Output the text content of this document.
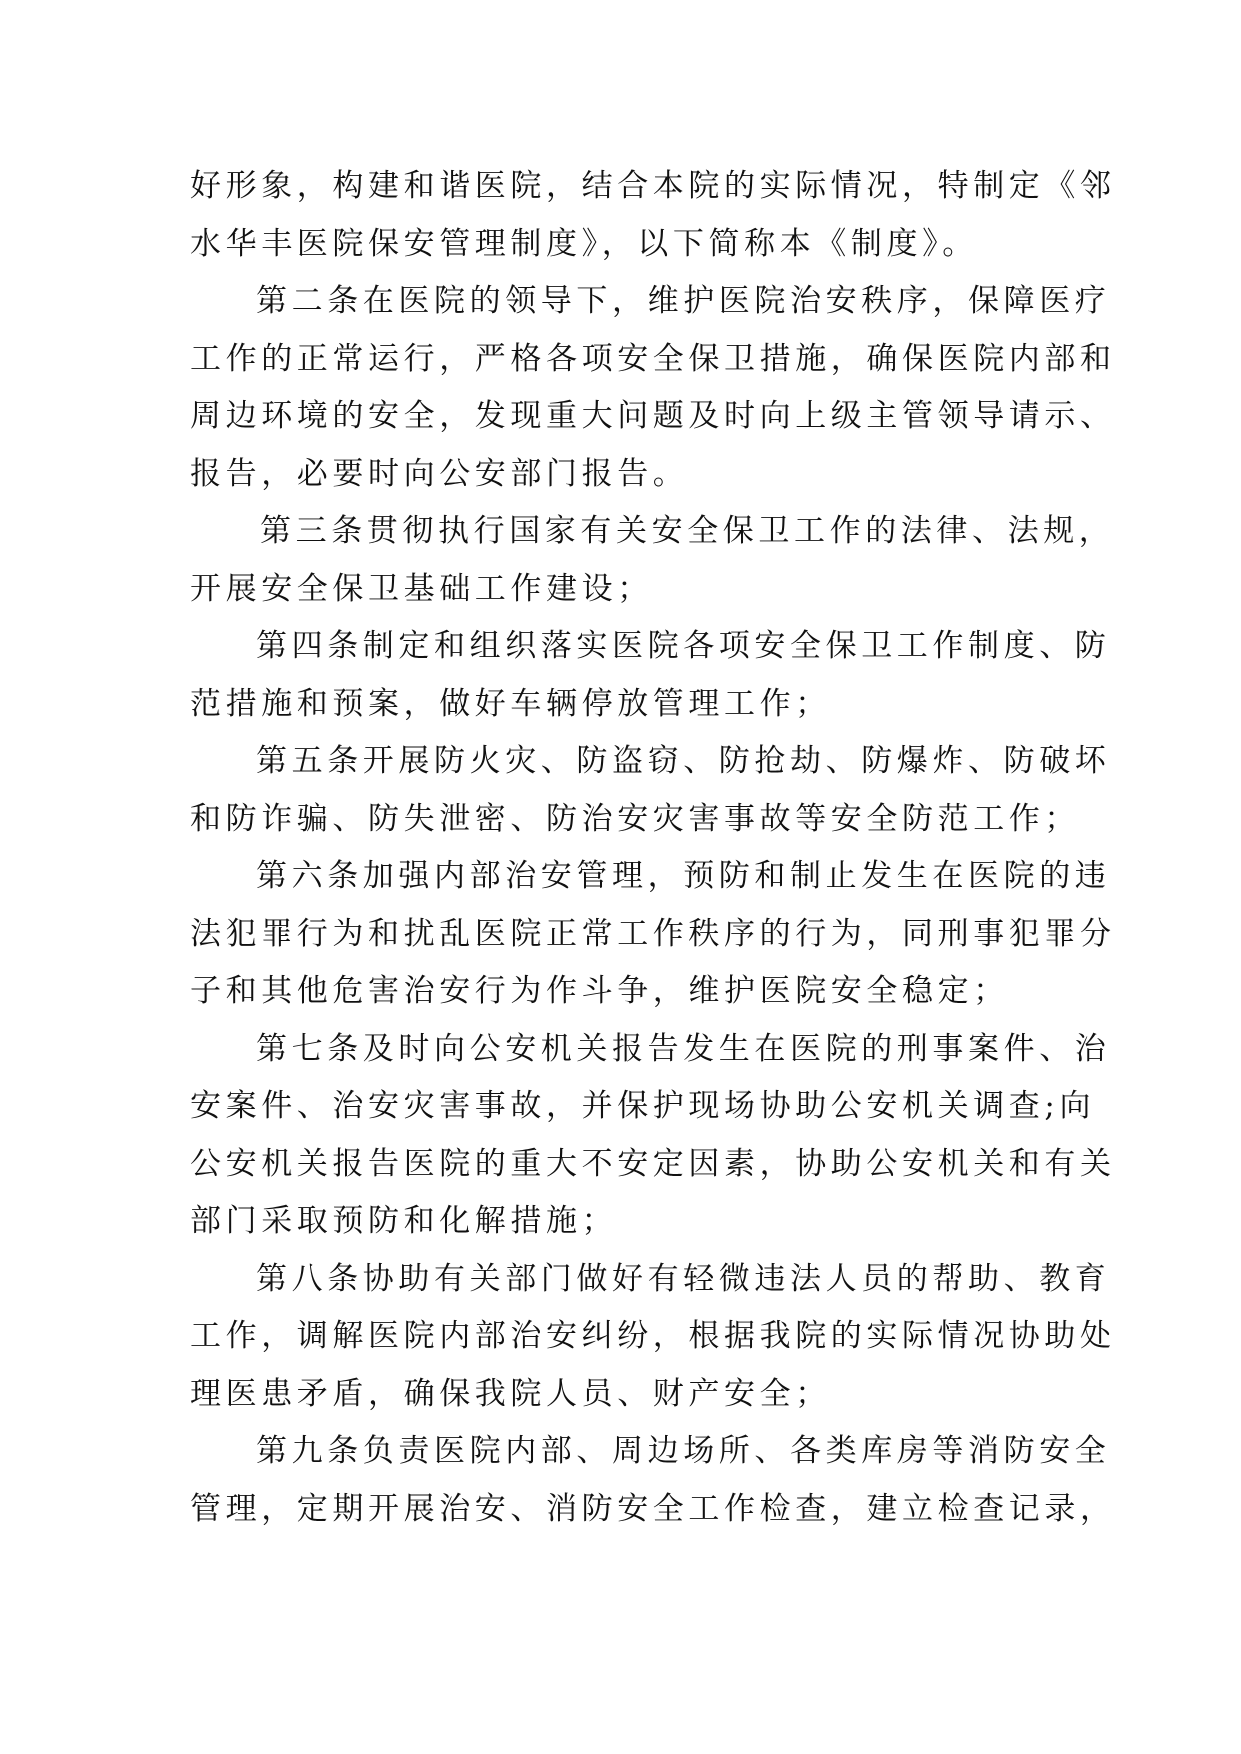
好形象，构建和谐医院，结合本院的实际情况，特制定《邻
水华丰医院保安管理制度》，以下简称本《制度》。
第二条在医院的领导下，维护医院治安秩序，保障医疗
工作的正常运行，严格各项安全保卫措施，确保医院内部和
周边环境的安全，发现重大问题及时向上级主管领导请示、
报告，必要时向公安部门报告。
第三条贯彻执行国家有关安全保卫工作的法律、法规，
开展安全保卫基础工作建设；
第四条制定和组织落实医院各项安全保卫工作制度、防
范措施和预案，做好车辆停放管理工作；
第五条开展防火灾、防盗窃、防抢劫、防爆炸、防破坏
和防诈骗、防失泄密、防治安灾害事故等安全防范工作；
第六条加强内部治安管理，预防和制止发生在医院的违
法犯罪行为和扰乱医院正常工作秩序的行为，同刑事犯罪分
子和其他危害治安行为作斗争，维护医院安全稳定；
第七条及时向公安机关报告发生在医院的刑事案件、治
安案件、治安灾害事故，并保护现场协助公安机关调查;向
公安机关报告医院的重大不安定因素，协助公安机关和有关
部门采取预防和化解措施；
第八条协助有关部门做好有轻微违法人员的帮助、教育
工作，调解医院内部治安纠纷，根据我院的实际情况协助处
理医患矛盾，确保我院人员、财产安全；
第九条负责医院内部、周边场所、各类库房等消防安全
管理，定期开展治安、消防安全工作检查，建立检查记录，
